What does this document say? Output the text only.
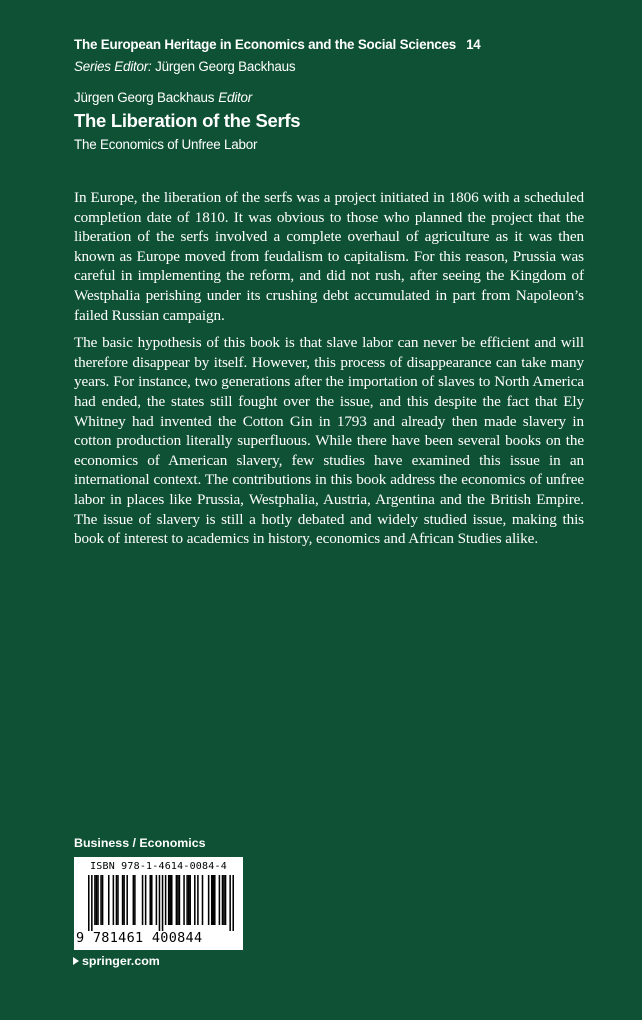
The European Heritage in Economics and the Social Sciences 14
Series Editor: Jürgen Georg Backhaus
Jürgen Georg Backhaus Editor
The Liberation of the Serfs
The Economics of Unfree Labor

In Europe, the liberation of the serfs was a project initiated in 1806 with a scheduled completion date of 1810. It was obvious to those who planned the project that the liberation of the serfs involved a complete overhaul of agriculture as it was then known as Europe moved from feudalism to capitalism. For this reason, Prussia was careful in implementing the reform, and did not rush, after seeing the Kingdom of Westphalia perishing under its crushing debt accumulated in part from Napoleon’s failed Russian campaign.

The basic hypothesis of this book is that slave labor can never be efficient and will therefore disappear by itself. However, this process of disappearance can take many years. For instance, two generations after the importation of slaves to North America had ended, the states still fought over the issue, and this despite the fact that Ely Whitney had invented the Cotton Gin in 1793 and already then made slavery in cotton production literally superfluous. While there have been several books on the economics of American slavery, few studies have examined this issue in an international context. The contributions in this book address the economics of unfree labor in places like Prussia, Westphalia, Austria, Argentina and the British Empire. The issue of slavery is still a hotly debated and widely studied issue, making this book of interest to academics in history, economics and African Studies alike.

Business / Economics
ISBN 978-1-4614-0084-4
9 781461 400844
springer.com
